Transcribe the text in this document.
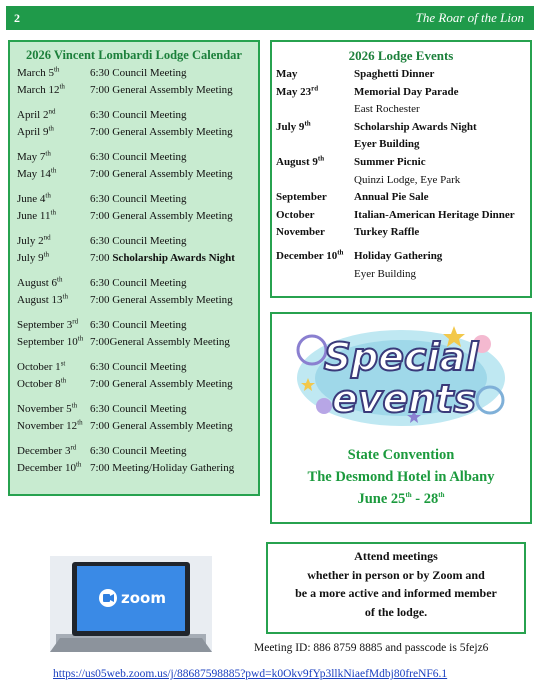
2	The Roar of the Lion
2026 Vincent Lombardi Lodge Calendar
March 5th	6:30 Council Meeting
March 12th 7:00 General Assembly Meeting
April 2nd	6:30 Council Meeting
April 9th	7:00 General Assembly Meeting
May 7th	6:30 Council Meeting
May 14th	7:00 General Assembly Meeting
June 4th	6:30 Council Meeting
June 11th	7:00 General Assembly Meeting
July 2nd	6:30 Council Meeting
July 9th	7:00 Scholarship Awards Night
August 6th	6:30 Council Meeting
August 13th 7:00 General Assembly Meeting
September 3rd 6:30 Council Meeting
September 10th 7:00General Assembly Meeting
October 1st 6:30 Council Meeting
October 8th 7:00 General Assembly Meeting
November 5th 6:30 Council Meeting
November 12th 7:00 General Assembly Meeting
December 3rd 6:30 Council Meeting
December 10th 7:00 Meeting/Holiday Gathering
2026 Lodge Events
May	Spaghetti Dinner
May 23rd	Memorial Day Parade
East Rochester
July 9th	Scholarship Awards Night
Eyer Building
August 9th	Summer Picnic
Quinzi Lodge, Eye Park
September Annual Pie Sale
October	Italian-American Heritage Dinner
November	Turkey Raffle
December 10th Holiday Gathering
Eyer Building
Special
events
State Convention
The Desmond Hotel in Albany
June 25th - 28th
zoom
Attend meetings
whether in person or by Zoom and
be a more active and informed member
of the lodge.
Meeting ID: 886 8759 8885 and passcode is 5fejz6
https://us05web.zoom.us/j/88687598885?pwd=k0Okv9fYp3llkNiaefMdbj80freNF6.1
